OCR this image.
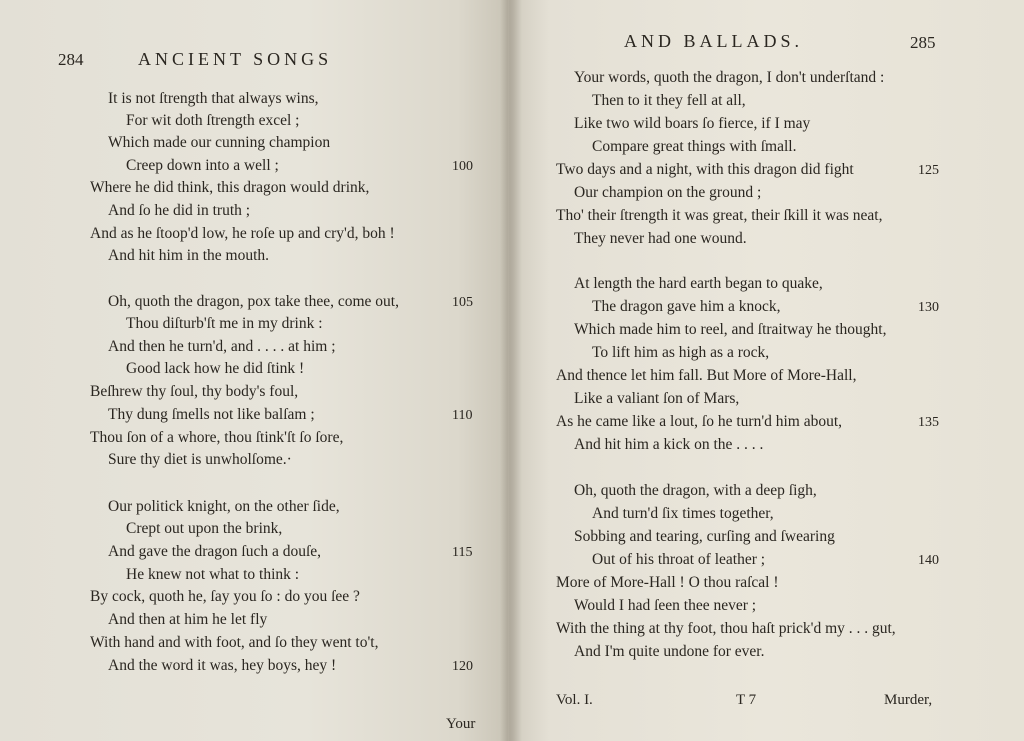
284	ANCIENT SONGS
It is not ſtrength that always wins,
For wit doth ſtrength excel ;
Which made our cunning champion
Creep down into a well ;	100
Where he did think, this dragon would drink,
And ſo he did in truth ;
And as he ſtoop'd low, he roſe up and cry'd, boh !
And hit him in the mouth.
Oh, quoth the dragon, pox take thee, come out,	105
Thou diſturb'ſt me in my drink :
And then he turn'd, and . . . . at him ;
Good lack how he did ſtink !
Beſhrew thy ſoul, thy body's foul,
Thy dung ſmells not like balſam ;	110
Thou ſon of a whore, thou ſtink'ſt ſo ſore,
Sure thy diet is unwholſome.·
Our politick knight, on the other ſide,
Crept out upon the brink,
And gave the dragon ſuch a douſe,	115
He knew not what to think :
By cock, quoth he, ſay you ſo : do you ſee ?
And then at him he let fly
With hand and with foot, and ſo they went to't,
And the word it was, hey boys, hey !	120
Your
AND BALLADS.	285
Your words, quoth the dragon, I don't underſtand :
Then to it they fell at all,
Like two wild boars ſo fierce, if I may
Compare great things with ſmall.
Two days and a night, with this dragon did fight	125
Our champion on the ground ;
Tho' their ſtrength it was great, their ſkill it was neat,
They never had one wound.
At length the hard earth began to quake,
The dragon gave him a knock,	130
Which made him to reel, and ſtraitway he thought,
To lift him as high as a rock,
And thence let him fall. But More of More-Hall,
Like a valiant ſon of Mars,
As he came like a lout, ſo he turn'd him about,	135
And hit him a kick on the . . . .
Oh, quoth the dragon, with a deep ſigh,
And turn'd ſix times together,
Sobbing and tearing, curſing and ſwearing
Out of his throat of leather ;	140
More of More-Hall ! O thou raſcal !
Would I had ſeen thee never ;
With the thing at thy foot, thou haſt prick'd my . . . gut,
And I'm quite undone for ever.
Vol. I.	T 7	Murder,
